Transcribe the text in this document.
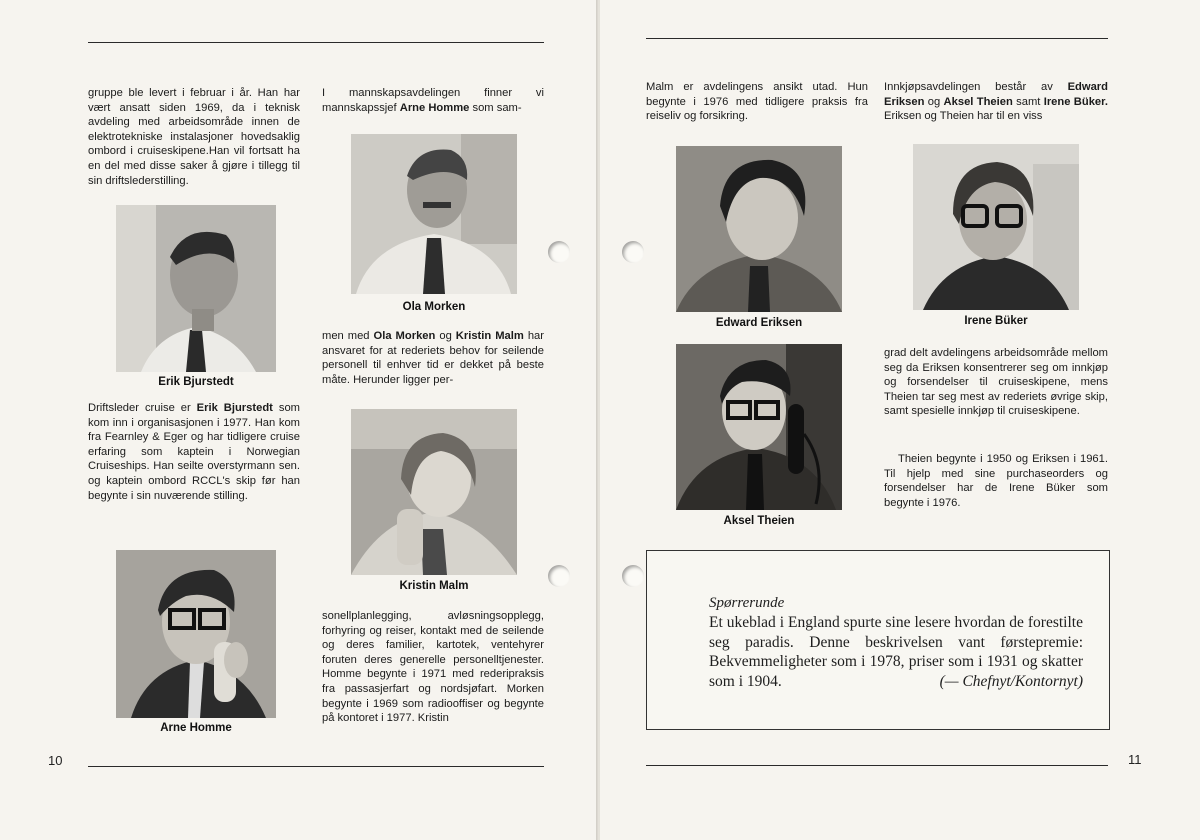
gruppe ble levert i februar i år. Han har vært ansatt siden 1969, da i teknisk avdeling med arbeidsområde innen de elektrotekniske instalasjoner hovedsaklig ombord i cruiseskipene.Han vil fortsatt ha en del med disse saker å gjøre i tillegg til sin driftslederstilling.

Erik Bjurstedt

Driftsleder cruise er Erik Bjurstedt som kom inn i organisasjonen i 1977. Han kom fra Fearnley & Eger og har tidligere cruise erfaring som kaptein i Norwegian Cruiseships. Han seilte overstyrmann sen. og kaptein ombord RCCL's skip før han begynte i sin nuværende stilling.

Arne Homme

I mannskapsavdelingen finner vi mannskapssjef Arne Homme som sam-

Ola Morken

men med Ola Morken og Kristin Malm har ansvaret for at rederiets behov for seilende personell til enhver tid er dekket på beste måte. Herunder ligger per-

Kristin Malm

sonellplanlegging, avløsningsopplegg, forhyring og reiser, kontakt med de seilende og deres familier, kartotek, ventehyrer foruten deres generelle personelltjenester. Homme begynte i 1971 med rederipraksis fra passasjerfart og nordsjøfart. Morken begynte i 1969 som radiooffiser og begynte på kontoret i 1977. Kristin

10

Malm er avdelingens ansikt utad. Hun begynte i 1976 med tidligere praksis fra reiseliv og forsikring.

Edward Eriksen
Aksel Theien

Innkjøpsavdelingen består av Edward Eriksen og Aksel Theien samt Irene Büker. Eriksen og Theien har til en viss

Irene Büker

grad delt avdelingens arbeidsområde mellom seg da Eriksen konsentrerer seg om innkjøp og forsendelser til cruiseskipene, mens Theien tar seg mest av rederiets øvrige skip, samt spesielle innkjøp til cruiseskipene.

Theien begynte i 1950 og Eriksen i 1961. Til hjelp med sine purchaseorders og forsendelser har de Irene Büker som begynte i 1976.

Spørrerunde
Et ukeblad i England spurte sine lesere hvordan de forestilte seg paradis. Denne beskrivelsen vant førstepremie: Bekvemmeligheter som i 1978, priser som i 1931 og skatter som i 1904.	(— Chefnyt/Kontornyt)
11
